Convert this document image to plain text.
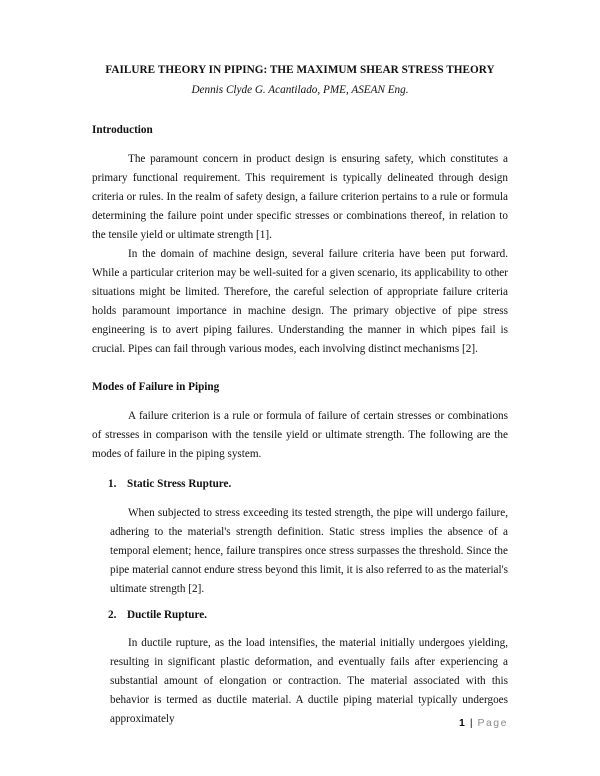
FAILURE THEORY IN PIPING: THE MAXIMUM SHEAR STRESS THEORY
Dennis Clyde G. Acantilado, PME, ASEAN Eng.
Introduction

The paramount concern in product design is ensuring safety, which constitutes a primary functional requirement. This requirement is typically delineated through design criteria or rules. In the realm of safety design, a failure criterion pertains to a rule or formula determining the failure point under specific stresses or combinations thereof, in relation to the tensile yield or ultimate strength [1].

In the domain of machine design, several failure criteria have been put forward. While a particular criterion may be well-suited for a given scenario, its applicability to other situations might be limited. Therefore, the careful selection of appropriate failure criteria holds paramount importance in machine design. The primary objective of pipe stress engineering is to avert piping failures. Understanding the manner in which pipes fail is crucial. Pipes can fail through various modes, each involving distinct mechanisms [2].

Modes of Failure in Piping

A failure criterion is a rule or formula of failure of certain stresses or combinations of stresses in comparison with the tensile yield or ultimate strength. The following are the modes of failure in the piping system.

1. Static Stress Rupture.

When subjected to stress exceeding its tested strength, the pipe will undergo failure, adhering to the material's strength definition. Static stress implies the absence of a temporal element; hence, failure transpires once stress surpasses the threshold. Since the pipe material cannot endure stress beyond this limit, it is also referred to as the material's ultimate strength [2].

2. Ductile Rupture.

In ductile rupture, as the load intensifies, the material initially undergoes yielding, resulting in significant plastic deformation, and eventually fails after experiencing a substantial amount of elongation or contraction. The material associated with this behavior is termed as ductile material. A ductile piping material typically undergoes approximately	1 | Page
